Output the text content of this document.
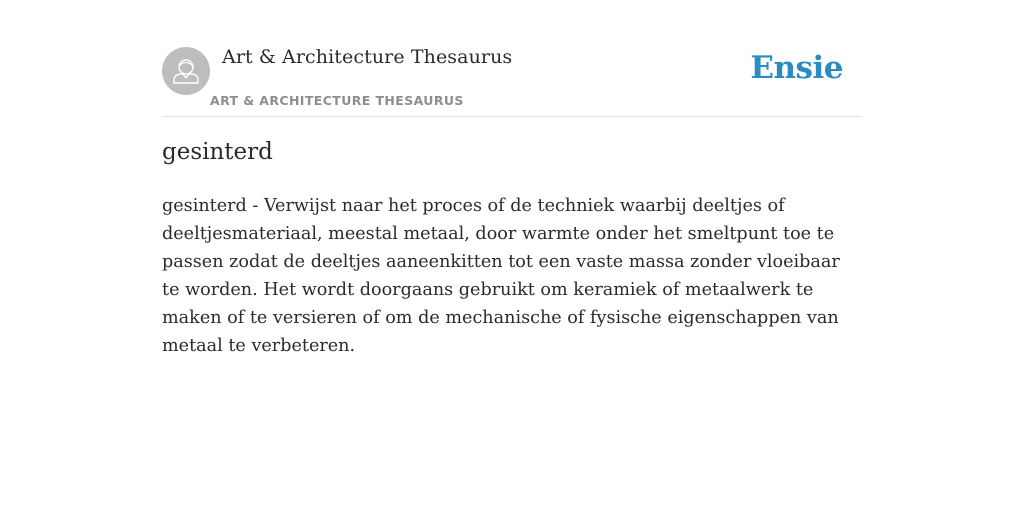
Art & Architecture Thesaurus
ART & ARCHITECTURE THESAURUS
Ensie
gesinterd

gesinterd - Verwijst naar het proces of de techniek waarbij deeltjes of deeltjesmateriaal, meestal metaal, door warmte onder het smeltpunt toe te passen zodat de deeltjes aaneenkitten tot een vaste massa zonder vloeibaar te worden. Het wordt doorgaans gebruikt om keramiek of metaalwerk te maken of te versieren of om de mechanische of fysische eigenschappen van metaal te verbeteren.
